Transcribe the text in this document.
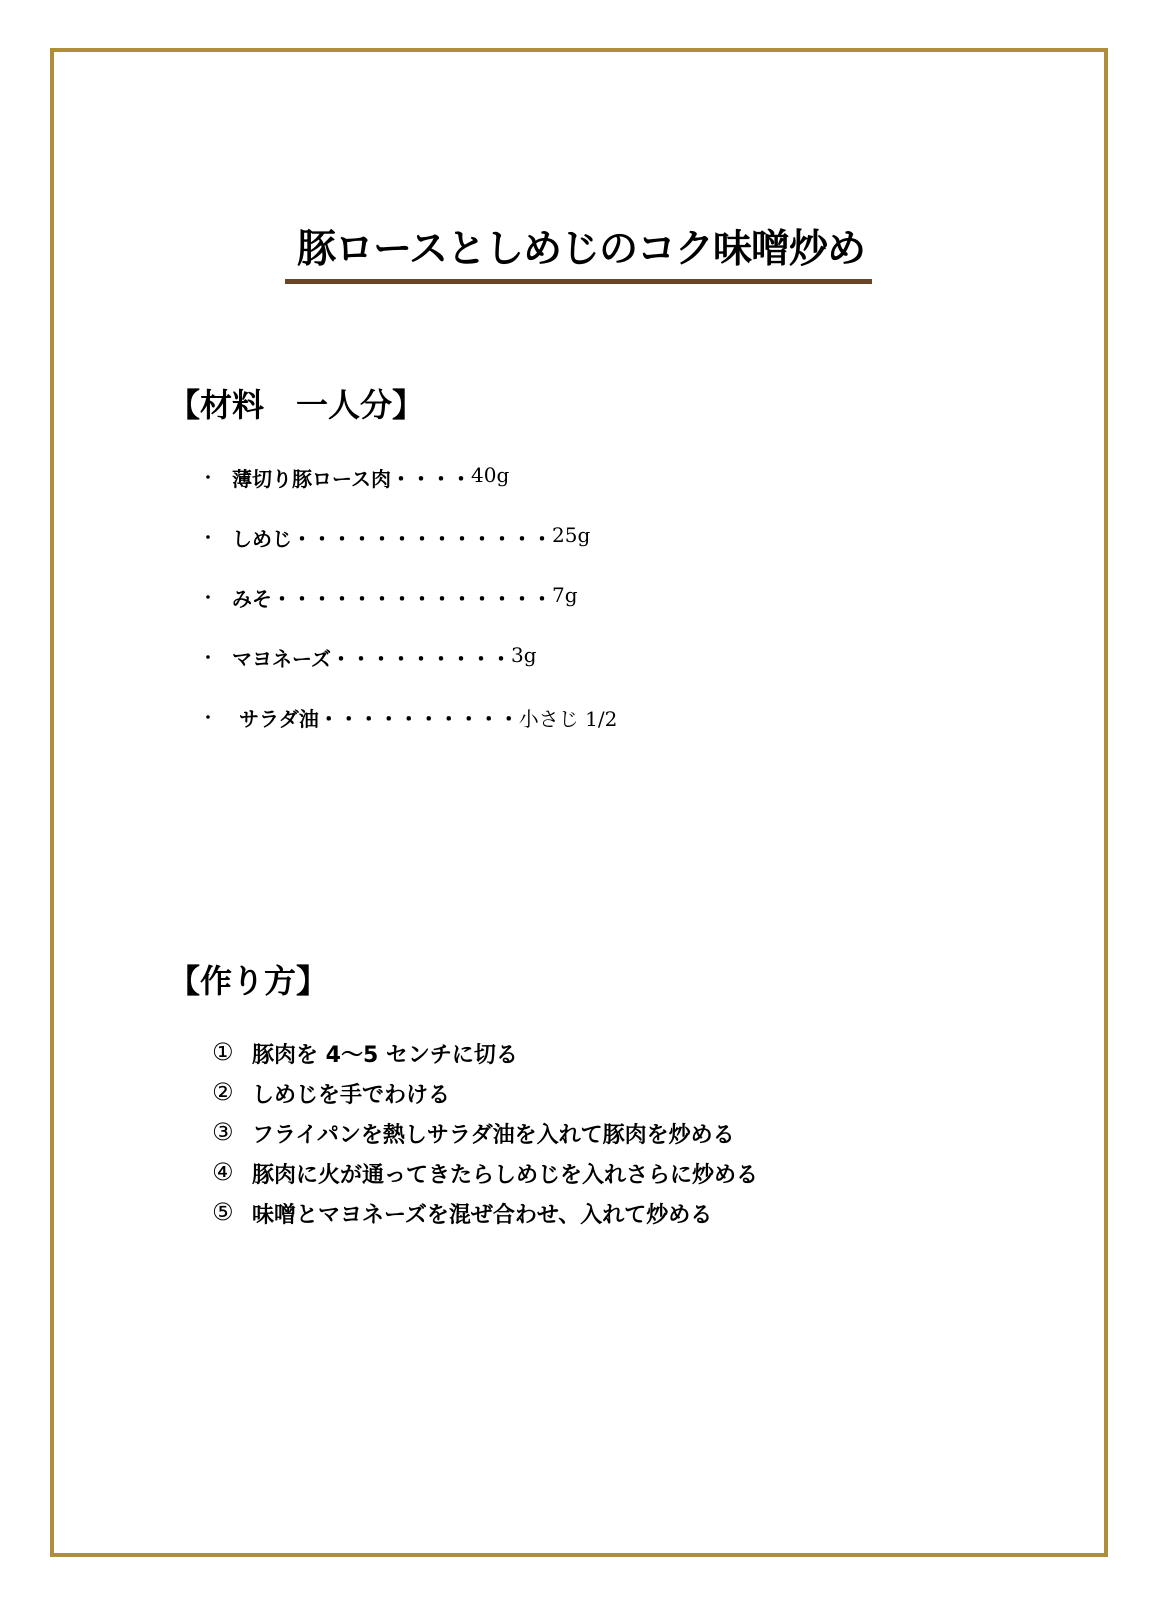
豚ロースとしめじのコク味噌炒め
【材料　一人分】
・ 薄切り豚ロース肉 ・・・・ 40g
・ しめじ ・・・・・・・・・・・・・ 25g
・ みそ ・・・・・・・・・・・・・・ 7g
・ マヨネーズ ・・・・・・・・・ 3g
・ サラダ油 ・・・・・・・・・・ 小さじ 1/2
【作り方】
① 豚肉を 4〜5 センチに切る
② しめじを手でわける
③ フライパンを熱しサラダ油を入れて豚肉を炒める
④ 豚肉に火が通ってきたらしめじを入れさらに炒める
⑤ 味噌とマヨネーズを混ぜ合わせ、入れて炒める
